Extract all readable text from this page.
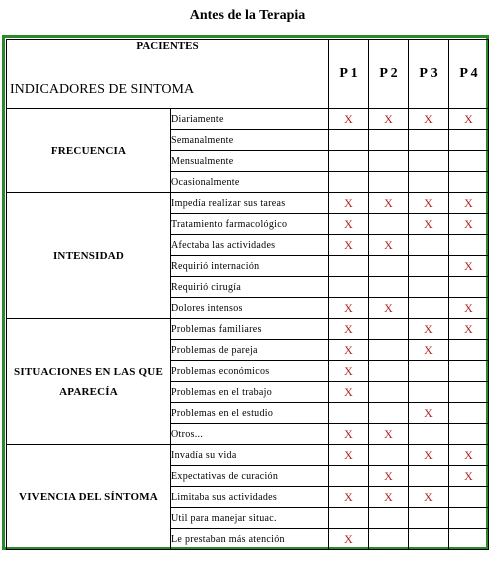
Antes de la Terapia
PACIENTES
INDICADORES DE SINTOMA		P 1	P 2	P 3	P 4

FRECUENCIA	Diariamente	X	X	X	X
	Semanalmente				
	Mensualmente				
	Ocasionalmente				

INTENSIDAD	Impedía realizar sus tareas	X	X	X	X
	Tratamiento farmacológico	X		X	X
	Afectaba las actividades	X	X		
	Requirió internación				X
	Requirió cirugía				
	Dolores intensos	X	X		X

SITUACIONES EN LAS QUE APARECÍA	Problemas familiares	X		X	X
	Problemas de pareja	X		X	
	Problemas económicos	X			
	Problemas en el trabajo	X			
	Problemas en el estudio			X	
	Otros...	X	X		

VIVENCIA DEL SÍNTOMA	Invadía su vida	X		X	X
	Expectativas de curación		X		X
	Limitaba sus actividades	X	X	X	
	Util para manejar situac.				
	Le prestaban más atención	X			
